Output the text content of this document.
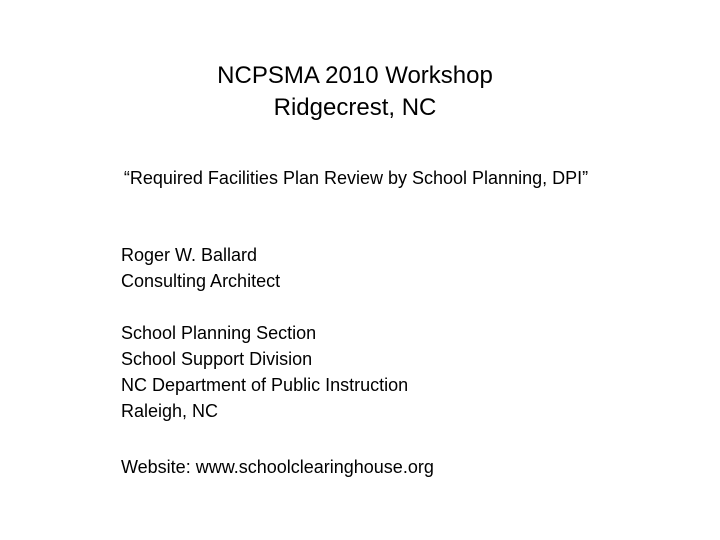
NCPSMA 2010 Workshop
Ridgecrest, NC
“Required Facilities Plan Review by School Planning, DPI”
Roger W. Ballard
Consulting Architect
School Planning Section
School Support Division
NC Department of Public Instruction
Raleigh, NC
Website: www.schoolclearinghouse.org
